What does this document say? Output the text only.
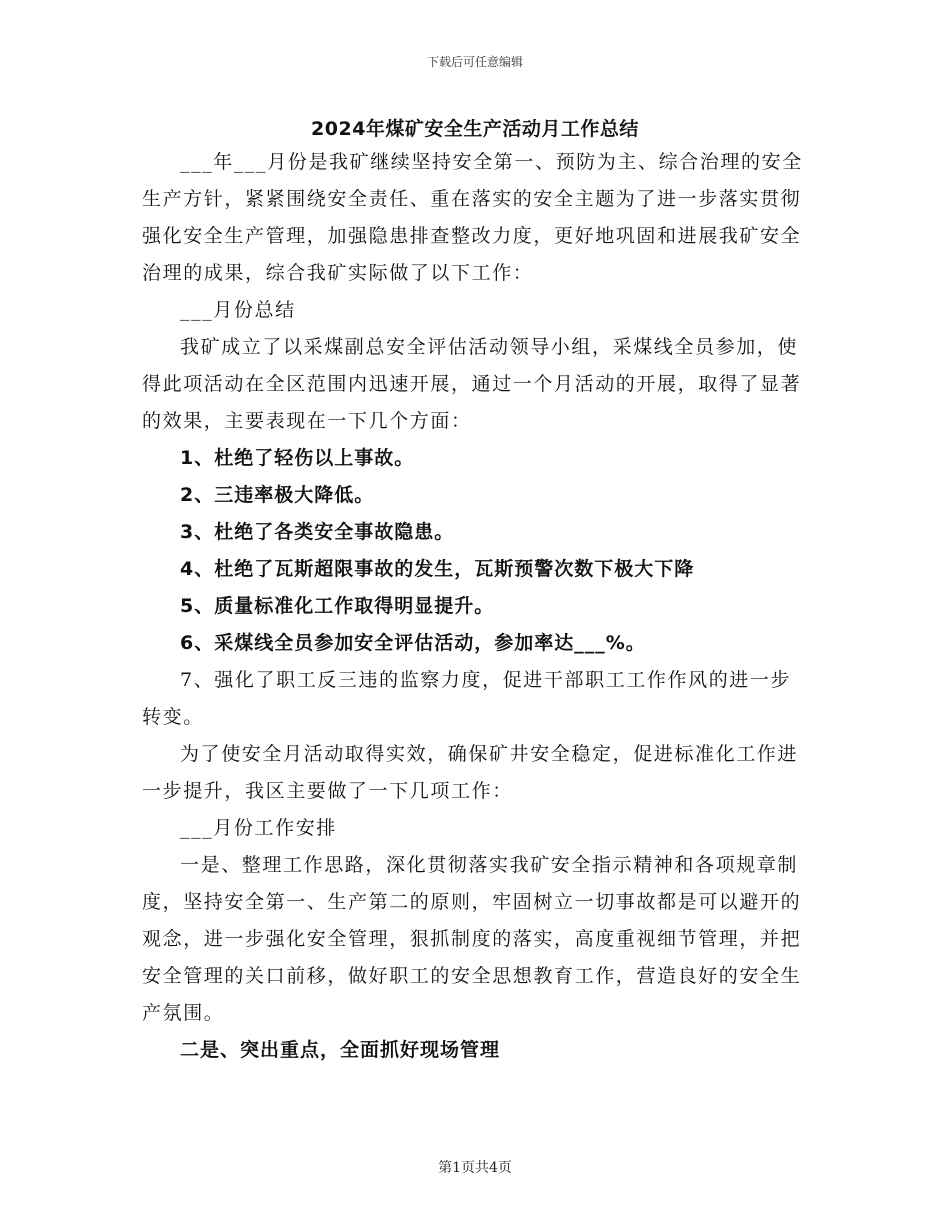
下载后可任意编辑
2024年煤矿安全生产活动月工作总结

___年___月份是我矿继续坚持安全第一、预防为主、综合治理的安全生产方针，紧紧围绕安全责任、重在落实的安全主题为了进一步落实贯彻强化安全生产管理，加强隐患排查整改力度，更好地巩固和进展我矿安全治理的成果，综合我矿实际做了以下工作：

___月份总结

我矿成立了以采煤副总安全评估活动领导小组，采煤线全员参加，使得此项活动在全区范围内迅速开展，通过一个月活动的开展，取得了显著的效果，主要表现在一下几个方面：

1、杜绝了轻伤以上事故。

2、三违率极大降低。

3、杜绝了各类安全事故隐患。

4、杜绝了瓦斯超限事故的发生，瓦斯预警次数下极大下降

5、质量标准化工作取得明显提升。

6、采煤线全员参加安全评估活动，参加率达___%。

7、强化了职工反三违的监察力度，促进干部职工工作作风的进一步转变。

为了使安全月活动取得实效，确保矿井安全稳定，促进标准化工作进一步提升，我区主要做了一下几项工作：

___月份工作安排

一是、整理工作思路，深化贯彻落实我矿安全指示精神和各项规章制度，坚持安全第一、生产第二的原则，牢固树立一切事故都是可以避开的观念，进一步强化安全管理，狠抓制度的落实，高度重视细节管理，并把安全管理的关口前移，做好职工的安全思想教育工作，营造良好的安全生产氛围。

二是、突出重点，全面抓好现场管理

第1页共4页
